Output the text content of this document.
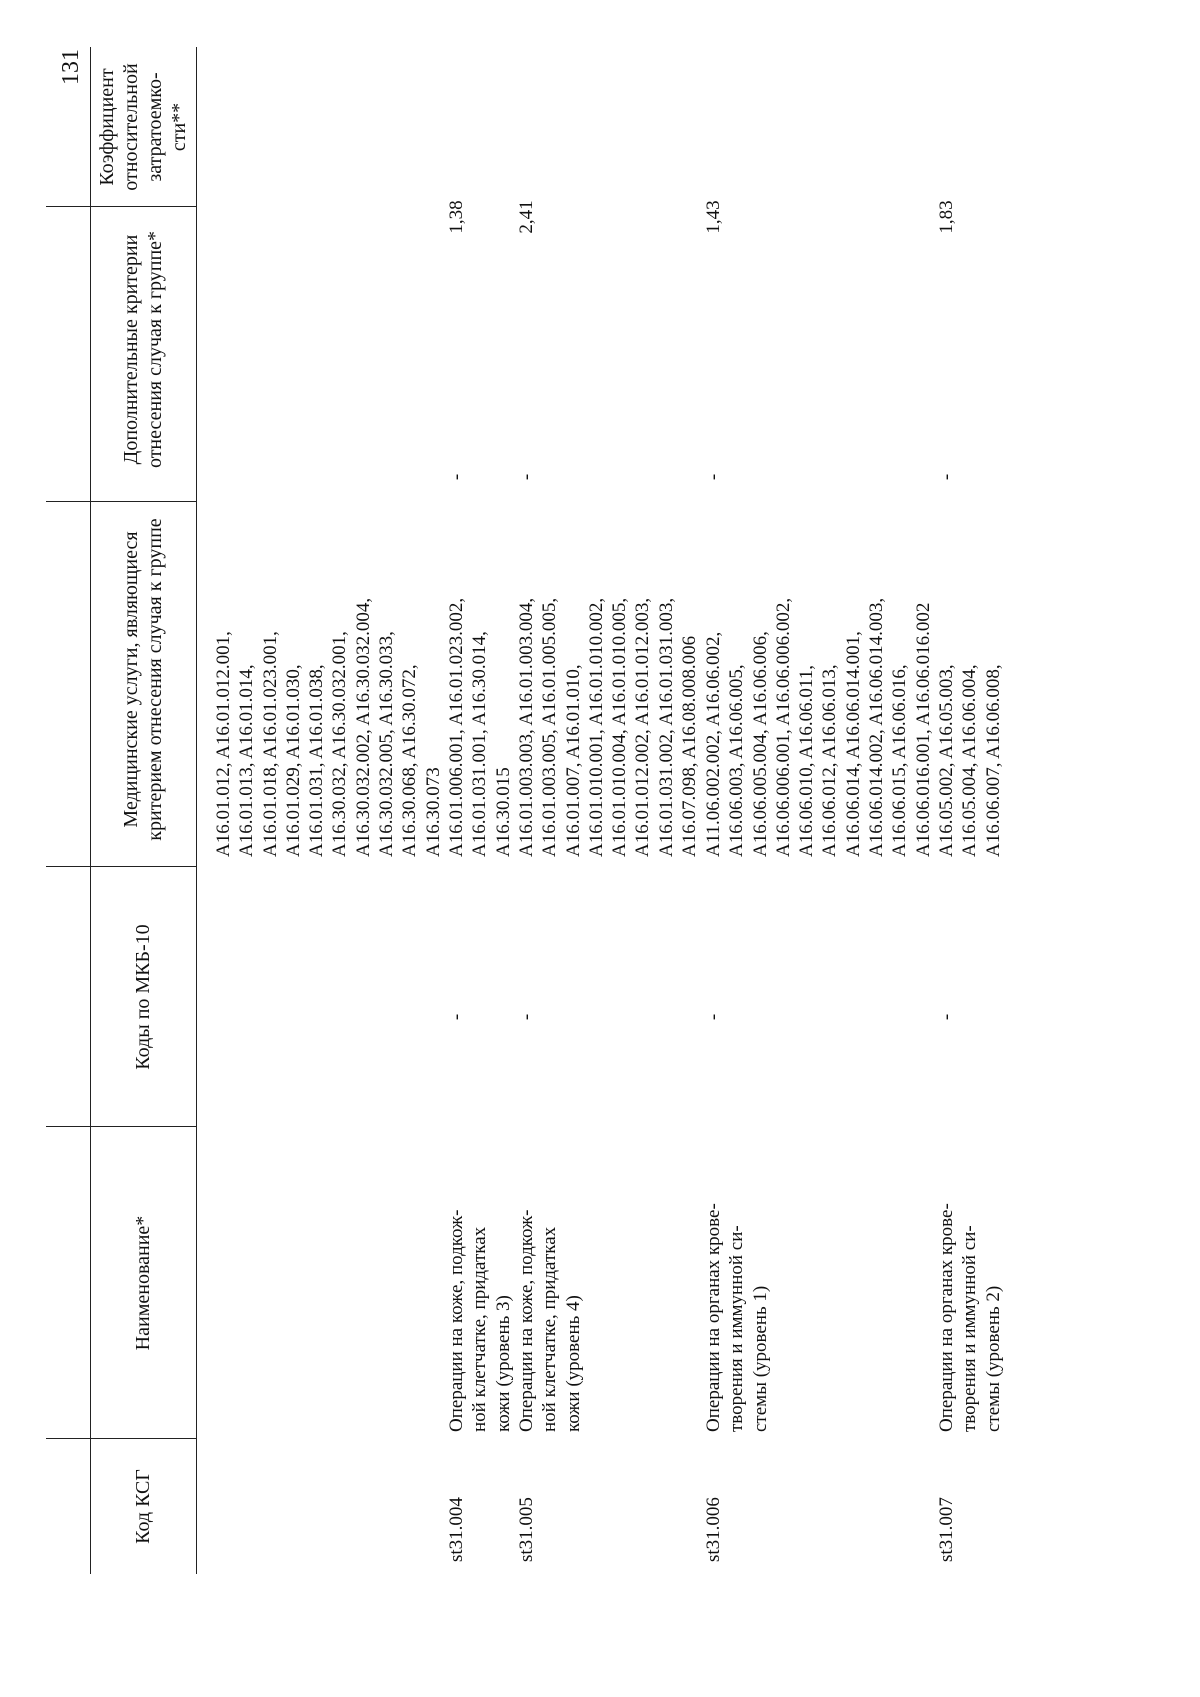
131
Код КСГ
Наименование*
Коды по МКБ-10
Медицинские услуги, являющиеся критерием отнесения случая к группе
Дополнительные критерии отнесения случая к группе*
Коэффициент относительной затратоемко-сти**
A16.01.012, A16.01.012.001, A16.01.013, A16.01.014, A16.01.018, A16.01.023.001, A16.01.029, A16.01.030, A16.01.031, A16.01.038, A16.30.032, A16.30.032.001, A16.30.032.002, A16.30.032.004, A16.30.032.005, A16.30.033, A16.30.068, A16.30.072, A16.30.073
st31.004
Операции на коже, подкож- ной клетчатке, придатках кожи (уровень 3)
-
A16.01.006.001, A16.01.023.002, A16.01.031.001, A16.30.014, A16.30.015
-
1,38
st31.005
Операции на коже, подкож- ной клетчатке, придатках кожи (уровень 4)
-
A16.01.003.003, A16.01.003.004, A16.01.003.005, A16.01.005.005, A16.01.007, A16.01.010, A16.01.010.001, A16.01.010.002, A16.01.010.004, A16.01.010.005, A16.01.012.002, A16.01.012.003, A16.01.031.002, A16.01.031.003, A16.07.098, A16.08.008.006
-
2,41
st31.006
Операции на органах крове- творения и иммунной си- стемы (уровень 1)
-
A11.06.002.002, A16.06.002, A16.06.003, A16.06.005, A16.06.005.004, A16.06.006, A16.06.006.001, A16.06.006.002, A16.06.010, A16.06.011, A16.06.012, A16.06.013, A16.06.014, A16.06.014.001, A16.06.014.002, A16.06.014.003, A16.06.015, A16.06.016, A16.06.016.001, A16.06.016.002
-
1,43
st31.007
Операции на органах крове- творения и иммунной си- стемы (уровень 2)
-
A16.05.002, A16.05.003, A16.05.004, A16.06.004, A16.06.007, A16.06.008,
-
1,83
